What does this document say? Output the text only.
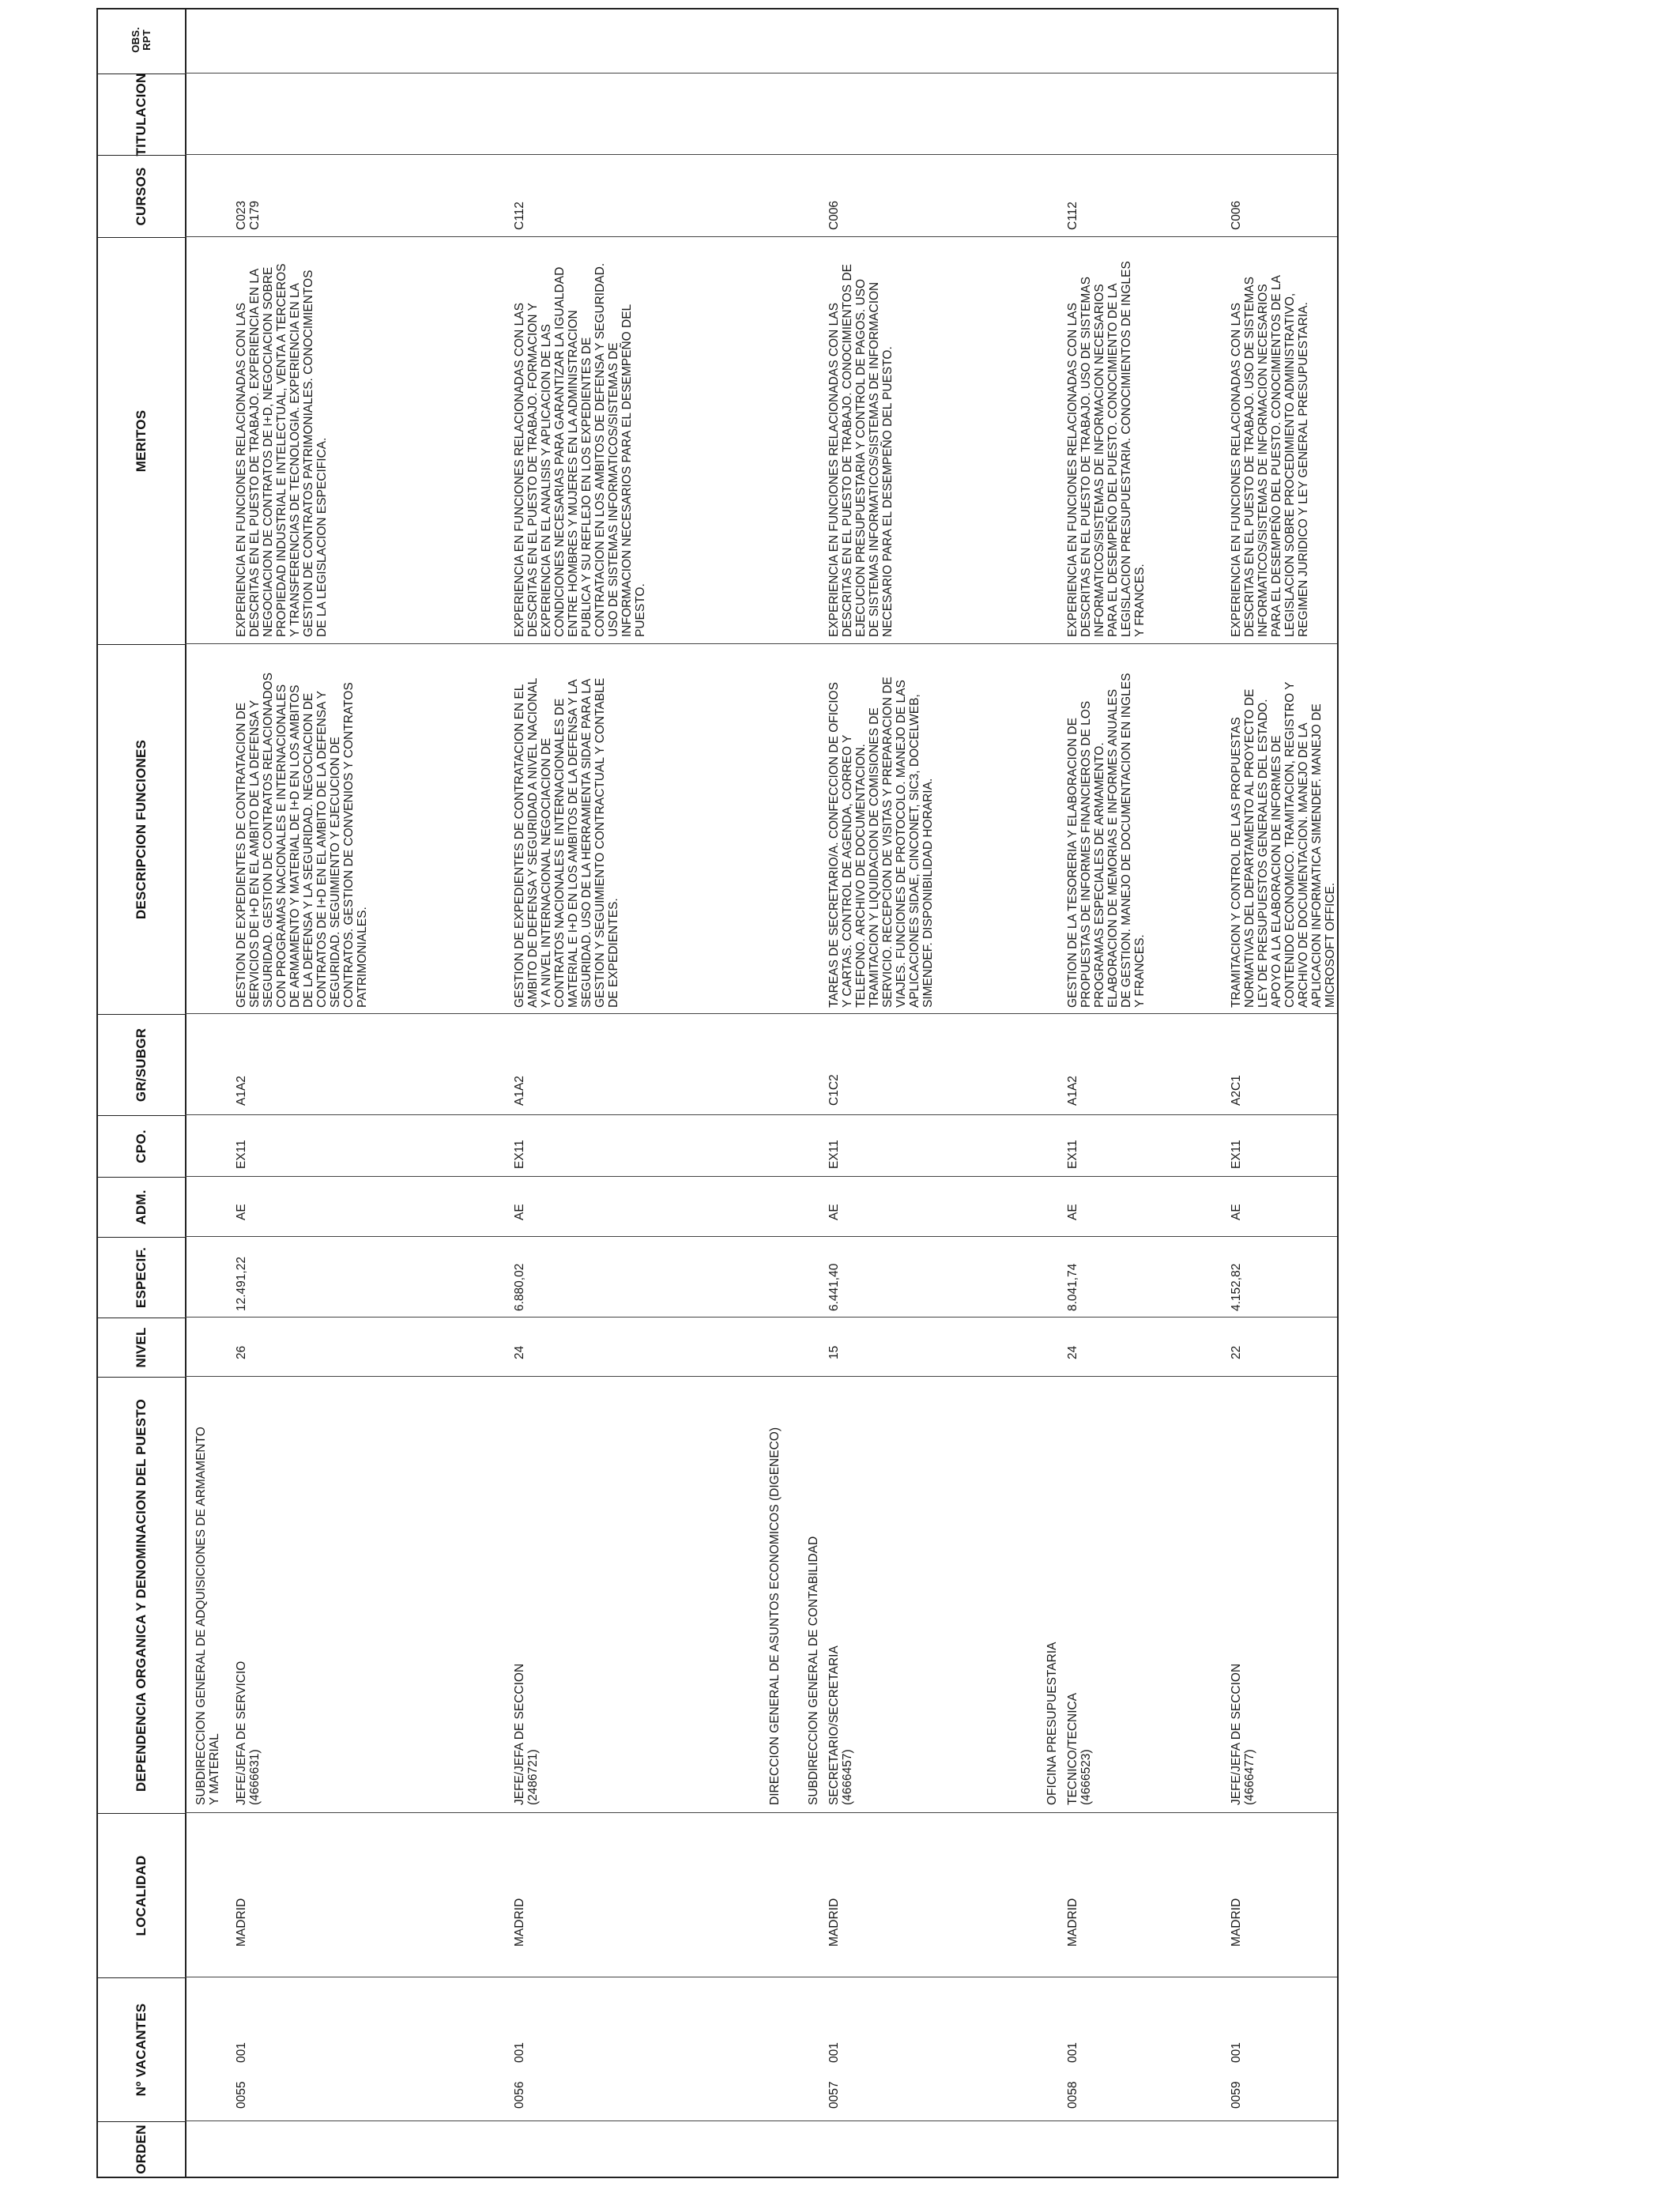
ORDEN
Nº VACANTES
LOCALIDAD
DEPENDENCIA ORGANICA Y DENOMINACION DEL PUESTO
NIVEL
ESPECIF.
ADM.
CPO.
GR/SUBGR
DESCRIPCION FUNCIONES
MERITOS
CURSOS
TITULACION
OBS.
RPT
SUBDIRECCION GENERAL DE ADQUISICIONES DE ARMAMENTO
Y MATERIAL	DIRECCION GENERAL DE ASUNTOS ECONOMICOS (DIGENECO) SUBDIRECCION GENERAL DE CONTABILIDAD	OFICINA PRESUPUESTARIA
0055
001
MADRID
JEFE/JEFA DE SERVICIO
(4666631)
26
12.491,22
AE
EX11
A1A2
GESTION DE EXPEDIENTES DE CONTRATACION DE
SERVICIOS DE I+D EN EL AMBITO DE LA DEFENSA Y
SEGURIDAD. GESTION DE CONTRATOS RELACIONADOS
CON PROGRAMAS NACIONALES E INTERNACIONALES
DE ARMAMENTO Y MATERIAL DE I+D EN LOS AMBITOS
DE LA DEFENSA Y LA SEGURIDAD. NEGOCIACION DE
CONTRATOS DE I+D EN EL AMBITO DE LA DEFENSA Y
SEGURIDAD. SEGUIMIENTO Y EJECUCION DE
CONTRATOS. GESTION DE CONVENIOS Y CONTRATOS
PATRIMONIALES.
EXPERIENCIA EN FUNCIONES RELACIONADAS CON LAS
DESCRITAS EN EL PUESTO DE TRABAJO. EXPERIENCIA EN LA
NEGOCIACION DE CONTRATOS DE I+D, NEGOCIACION SOBRE
PROPIEDAD INDUSTRIAL E INTELECTUAL, VENTA A TERCEROS
Y TRANSFERENCIAS DE TECNOLOGIA. EXPERIENCIA EN LA
GESTION DE CONTRATOS PATRIMONIALES. CONOCIMIENTOS
DE LA LEGISLACION ESPECIFICA.
C023
C179
0056
001
MADRID
JEFE/JEFA DE SECCION
(2486721)
24
6.880,02
AE
EX11
A1A2
GESTION DE EXPEDIENTES DE CONTRATACION EN EL
AMBITO DE DEFENSA Y SEGURIDAD A NIVEL NACIONAL
Y A NIVEL INTERNACIONAL NEGOCIACION DE
CONTRATOS NACIONALES E INTERNACIONALES DE
MATERIAL E I+D EN LOS AMBITOS DE LA DEFENSA Y LA
SEGURIDAD. USO DE LA HERRAMIENTA SIDAE PARA LA
GESTION Y SEGUIMIENTO CONTRACTUAL Y CONTABLE
DE EXPEDIENTES.
EXPERIENCIA EN FUNCIONES RELACIONADAS CON LAS
DESCRITAS EN EL PUESTO DE TRABAJO. FORMACION Y
EXPERIENCIA EN EL ANALISIS Y APLICACION DE LAS
CONDICIONES NECESARIAS PARA GARANTIZAR LA IGUALDAD
ENTRE HOMBRES Y MUJERES EN LA ADMINISTRACION
PUBLICA Y SU REFLEJO EN LOS EXPEDIENTES DE
CONTRATACION EN LOS AMBITOS DE DEFENSA Y SEGURIDAD.
USO DE SISTEMAS INFORMATICOS/SISTEMAS DE
INFORMACION NECESARIOS PARA EL DESEMPEÑO DEL
PUESTO.
C112
0057
001
MADRID
SECRETARIO/SECRETARIA
(4666457)
15
6.441,40
AE
EX11
C1C2
TAREAS DE SECRETARIO/A. CONFECCION DE OFICIOS
Y CARTAS. CONTROL DE AGENDA, CORREO Y
TELEFONO. ARCHIVO DE DOCUMENTACION.
TRAMITACION Y LIQUIDACION DE COMISIONES DE
SERVICIO. RECEPCION DE VISITAS Y PREPARACION DE
VIAJES. FUNCIONES DE PROTOCOLO. MANEJO DE LAS
APLICACIONES SIDAE, CINCONET, SIC3, DOCELWEB,
SIMENDEF. DISPONIBILIDAD HORARIA.
EXPERIENCIA EN FUNCIONES RELACIONADAS CON LAS
DESCRITAS EN EL PUESTO DE TRABAJO. CONOCIMIENTOS DE
EJECUCION PRESUPUESTARIA Y CONTROL DE PAGOS. USO
DE SISTEMAS INFORMATICOS/SISTEMAS DE INFORMACION
NECESARIO PARA EL DESEMPEÑO DEL PUESTO.
C006
0058
001
MADRID
TECNICO/TECNICA
(4666523)
24
8.041,74
AE
EX11
A1A2
GESTION DE LA TESORERIA Y ELABORACION DE
PROPUESTAS DE INFORMES FINANCIEROS DE LOS
PROGRAMAS ESPECIALES DE ARMAMENTO.
ELABORACION DE MEMORIAS E INFORMES ANUALES
DE GESTION. MANEJO DE DOCUMENTACION EN INGLES
Y FRANCES.
EXPERIENCIA EN FUNCIONES RELACIONADAS CON LAS
DESCRITAS EN EL PUESTO DE TRABAJO. USO DE SISTEMAS
INFORMATICOS/SISTEMAS DE INFORMACION NECESARIOS
PARA EL DESEMPEÑO DEL PUESTO. CONOCIMIENTO DE LA
LEGISLACION PRESUPUESTARIA. CONOCIMIENTOS DE INGLES
Y FRANCES.
C112
0059
001
MADRID
JEFE/JEFA DE SECCION
(4666477)
22
4.152,82
AE
EX11
A2C1
TRAMITACION Y CONTROL DE LAS PROPUESTAS
NORMATIVAS DEL DEPARTAMENTO AL PROYECTO DE
LEY DE PRESUPUESTOS GENERALES DEL ESTADO.
APOYO A LA ELABORACION DE INFORMES DE
CONTENIDO ECONOMICO. TRAMITACION, REGISTRO Y
ARCHIVO DE DOCUMENTACION. MANEJO DE LA
APLICACION INFORMATICA SIMENDEF. MANEJO DE
MICROSOFT OFFICE.
EXPERIENCIA EN FUNCIONES RELACIONADAS CON LAS
DESCRITAS EN EL PUESTO DE TRABAJO. USO DE SISTEMAS
INFORMATICOS/SISTEMAS DE INFORMACION NECESARIOS
PARA EL DESEMPEÑO DEL PUESTO. CONOCIMIENTOS DE LA
LEGISLACION SOBRE PROCEDIMIENTO ADMINISTRATIVO,
REGIMEN JURIDICO Y LEY GENERAL PRESUPUESTARIA.
C006
